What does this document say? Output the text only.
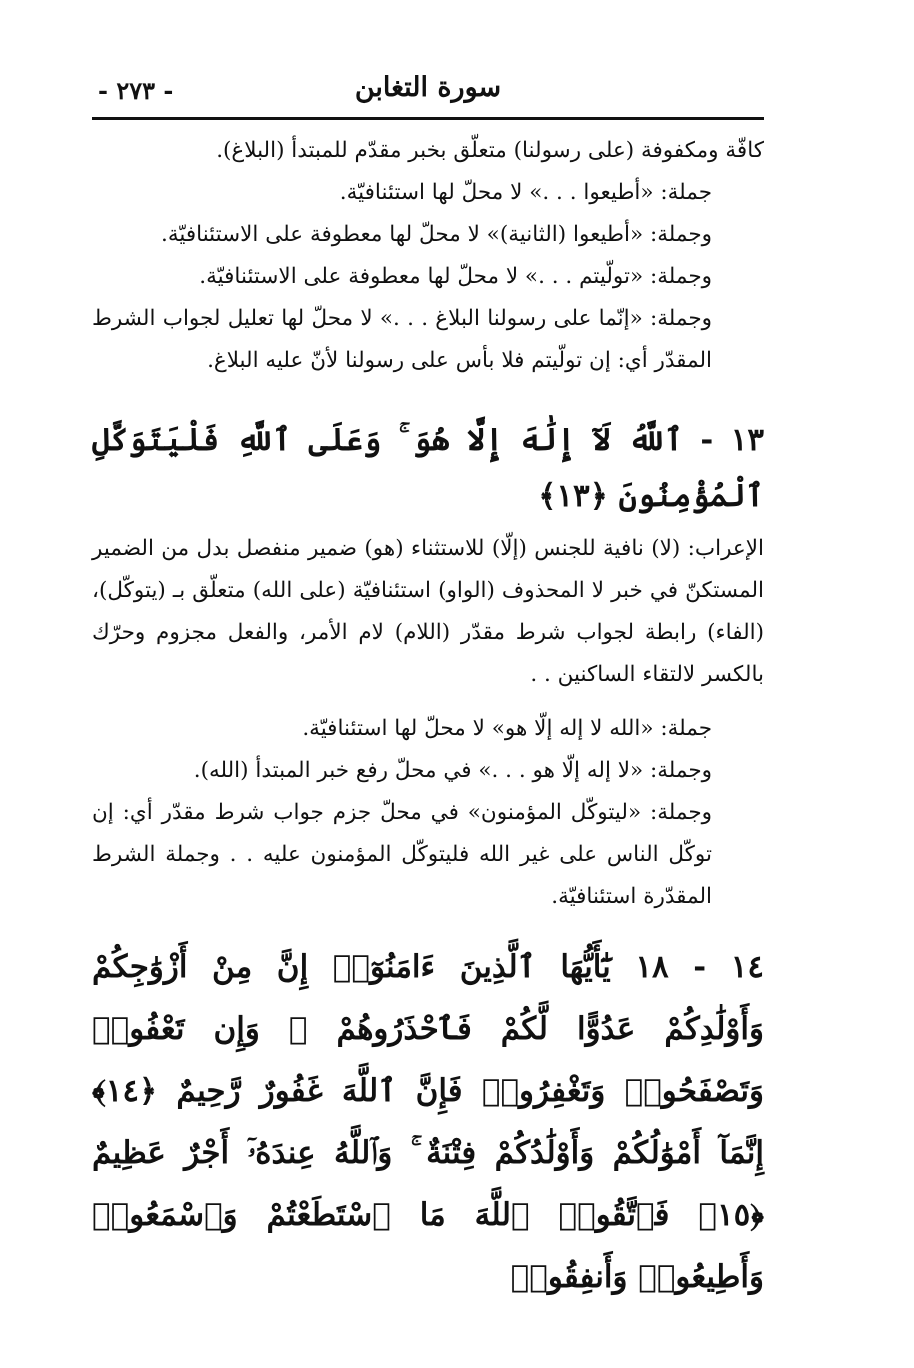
سورة التغابن
- ٢٧٣ -

كافّة ومكفوفة (على رسولنا) متعلّق بخبر مقدّم للمبتدأ (البلاغ).

جملة: «أطيعوا . . .» لا محلّ لها استئنافيّة.

وجملة: «أطيعوا (الثانية)» لا محلّ لها معطوفة على الاستئنافيّة.

وجملة: «تولّيتم . . .» لا محلّ لها معطوفة على الاستئنافيّة.

وجملة: «إنّما على رسولنا البلاغ . . .» لا محلّ لها تعليل لجواب الشرط المقدّر أي: إن تولّيتم فلا بأس على رسولنا لأنّ عليه البلاغ.

١٣ - ٱللَّهُ لَآ إِلَٰهَ إِلَّا هُوَ ۚ وَعَلَى ٱللَّهِ فَلْيَتَوَكَّلِ ٱلْمُؤْمِنُونَ ﴿١٣﴾

الإعراب: (لا) نافية للجنس (إلّا) للاستثناء (هو) ضمير منفصل بدل من الضمير المستكنّ في خبر لا المحذوف (الواو) استئنافيّة (على الله) متعلّق بـ (يتوكّل)، (الفاء) رابطة لجواب شرط مقدّر (اللام) لام الأمر، والفعل مجزوم وحرّك بالكسر لالتقاء الساكنين . .

جملة: «الله لا إله إلّا هو» لا محلّ لها استئنافيّة.

وجملة: «لا إله إلّا هو . . .» في محلّ رفع خبر المبتدأ (الله).

وجملة: «ليتوكّل المؤمنون» في محلّ جزم جواب شرط مقدّر أي: إن توكّل الناس على غير الله فليتوكّل المؤمنون عليه . . وجملة الشرط المقدّرة استئنافيّة.

١٤ - ١٨ يَٰٓأَيُّهَا ٱلَّذِينَ ءَامَنُوٓا۟ إِنَّ مِنْ أَزْوَٰجِكُمْ وَأَوْلَٰدِكُمْ عَدُوًّا لَّكُمْ فَٱحْذَرُوهُمْ ۚ وَإِن تَعْفُوا۟ وَتَصْفَحُوا۟ وَتَغْفِرُوا۟ فَإِنَّ ٱللَّهَ غَفُورٌ رَّحِيمٌ ﴿١٤﴾ إِنَّمَآ أَمْوَٰلُكُمْ وَأَوْلَٰدُكُمْ فِتْنَةٌ ۚ وَٱللَّهُ عِندَهُۥٓ أَجْرٌ عَظِيمٌ ﴿١٥﴾ فَٱتَّقُوا۟ ٱللَّهَ مَا ٱسْتَطَعْتُمْ وَٱسْمَعُوا۟ وَأَطِيعُوا۟ وَأَنفِقُوا۟
